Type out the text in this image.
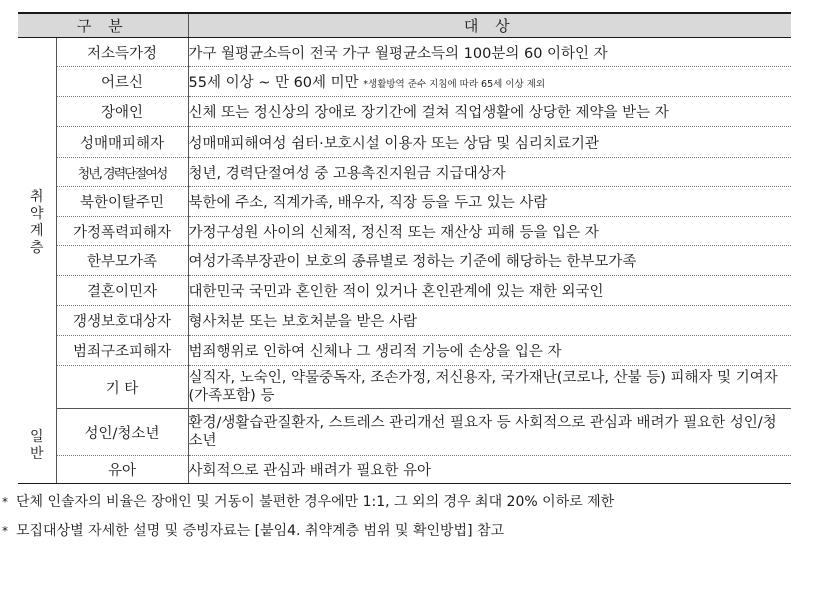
구 분		대 상

취
약
계
층	저소득가정	가구 월평균소득이 전국 가구 월평균소득의 100분의 60 이하인 자
	어르신	55세 이상 ~ 만 60세 미만 *생활방역 준수 지침에 따라 65세 이상 제외
	장애인	신체 또는 정신상의 장애로 장기간에 걸쳐 직업생활에 상당한 제약을 받는 자
	성매매피해자	성매매피해여성 쉼터·보호시설 이용자 또는 상담 및 심리치료기관
	청년, 경력단절여성	청년, 경력단절여성 중 고용촉진지원금 지급대상자
	북한이탈주민	북한에 주소, 직계가족, 배우자, 직장 등을 두고 있는 사람
	가정폭력피해자	가정구성원 사이의 신체적, 정신적 또는 재산상 피해 등을 입은 자
	한부모가족	여성가족부장관이 보호의 종류별로 정하는 기준에 해당하는 한부모가족
	결혼이민자	대한민국 국민과 혼인한 적이 있거나 혼인관계에 있는 재한 외국인
	갱생보호대상자	형사처분 또는 보호처분을 받은 사람
	범죄구조피해자	범죄행위로 인하여 신체나 그 생리적 기능에 손상을 입은 자
	기 타	실직자, 노숙인, 약물중독자, 조손가정, 저신용자, 국가재난(코로나, 산불 등) 피해자 및 기여자(가족포함) 등

일
반	성인/청소년	환경/생활습관질환자, 스트레스 관리개선 필요자 등 사회적으로 관심과 배려가 필요한 성인/청소년
	유아	사회적으로 관심과 배려가 필요한 유아
* 단체 인솔자의 비율은 장애인 및 거동이 불편한 경우에만 1:1, 그 외의 경우 최대 20% 이하로 제한
* 모집대상별 자세한 설명 및 증빙자료는 [붙임4. 취약계층 범위 및 확인방법] 참고
